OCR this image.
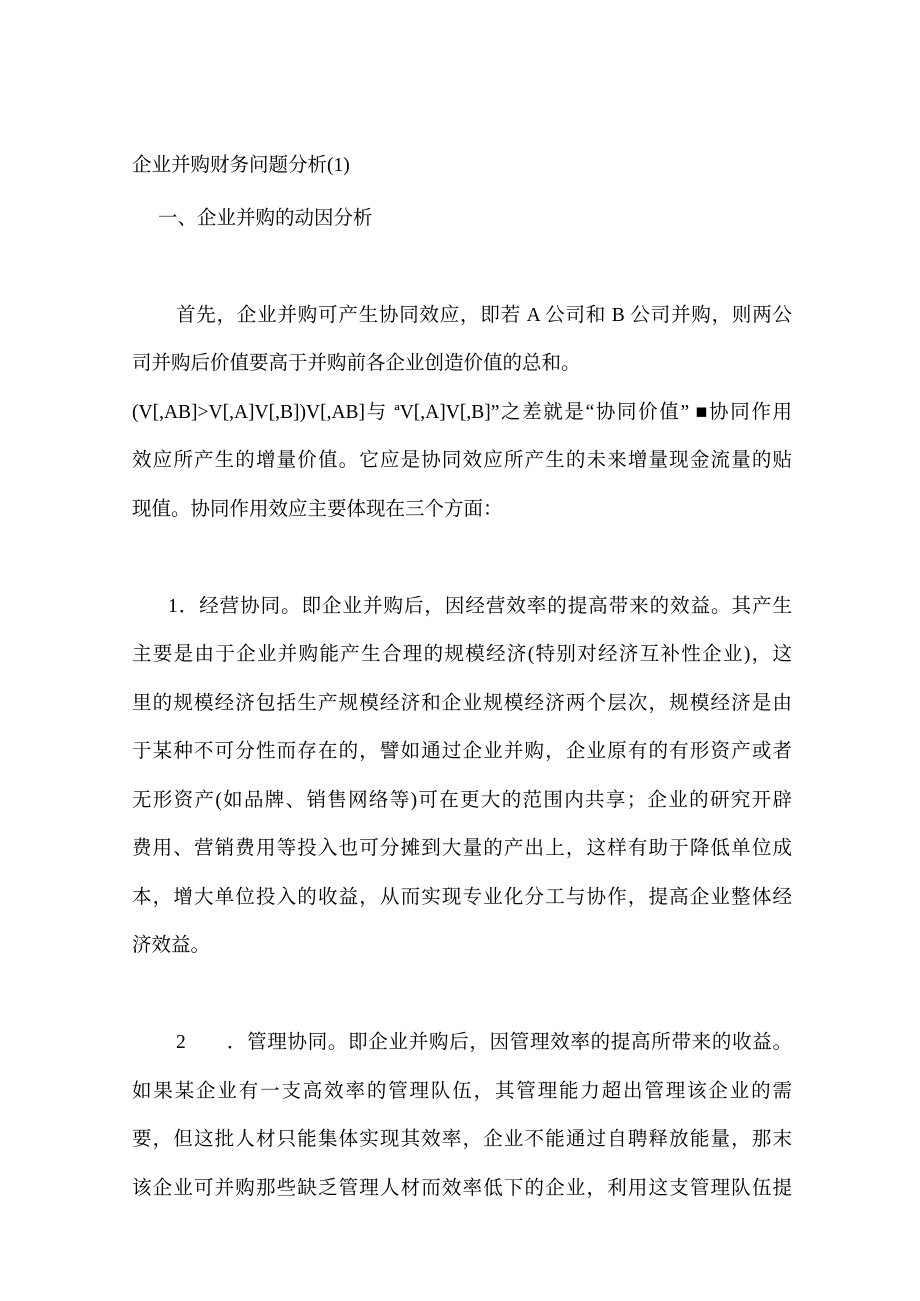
企业并购财务问题分析(1)
一、企业并购的动因分析
首先，企业并购可产生协同效应，即若 A 公司和 B 公司并购，则两公
司并购后价值要高于并购前各企业创造价值的总和。
(V[,AB]>V[,A]V[,B])V[,AB]与 ªV[,A]V[,B]”之差就是“协同价值” ■协同作用
效应所产生的增量价值。它应是协同效应所产生的未来增量现金流量的贴
现值。协同作用效应主要体现在三个方面：
1．经营协同。即企业并购后，因经营效率的提高带来的效益。其产生
主要是由于企业并购能产生合理的规模经济(特别对经济互补性企业)，这
里的规模经济包括生产规模经济和企业规模经济两个层次，规模经济是由
于某种不可分性而存在的，譬如通过企业并购，企业原有的有形资产或者
无形资产(如品牌、销售网络等)可在更大的范围内共享；企业的研究开辟
费用、营销费用等投入也可分摊到大量的产出上，这样有助于降低单位成
本，增大单位投入的收益，从而实现专业化分工与协作，提高企业整体经
济效益。
2　　．管理协同。即企业并购后，因管理效率的提高所带来的收益。
如果某企业有一支高效率的管理队伍，其管理能力超出管理该企业的需
要，但这批人材只能集体实现其效率，企业不能通过自聘释放能量，那末
该企业可并购那些缺乏管理人材而效率低下的企业，利用这支管理队伍提
